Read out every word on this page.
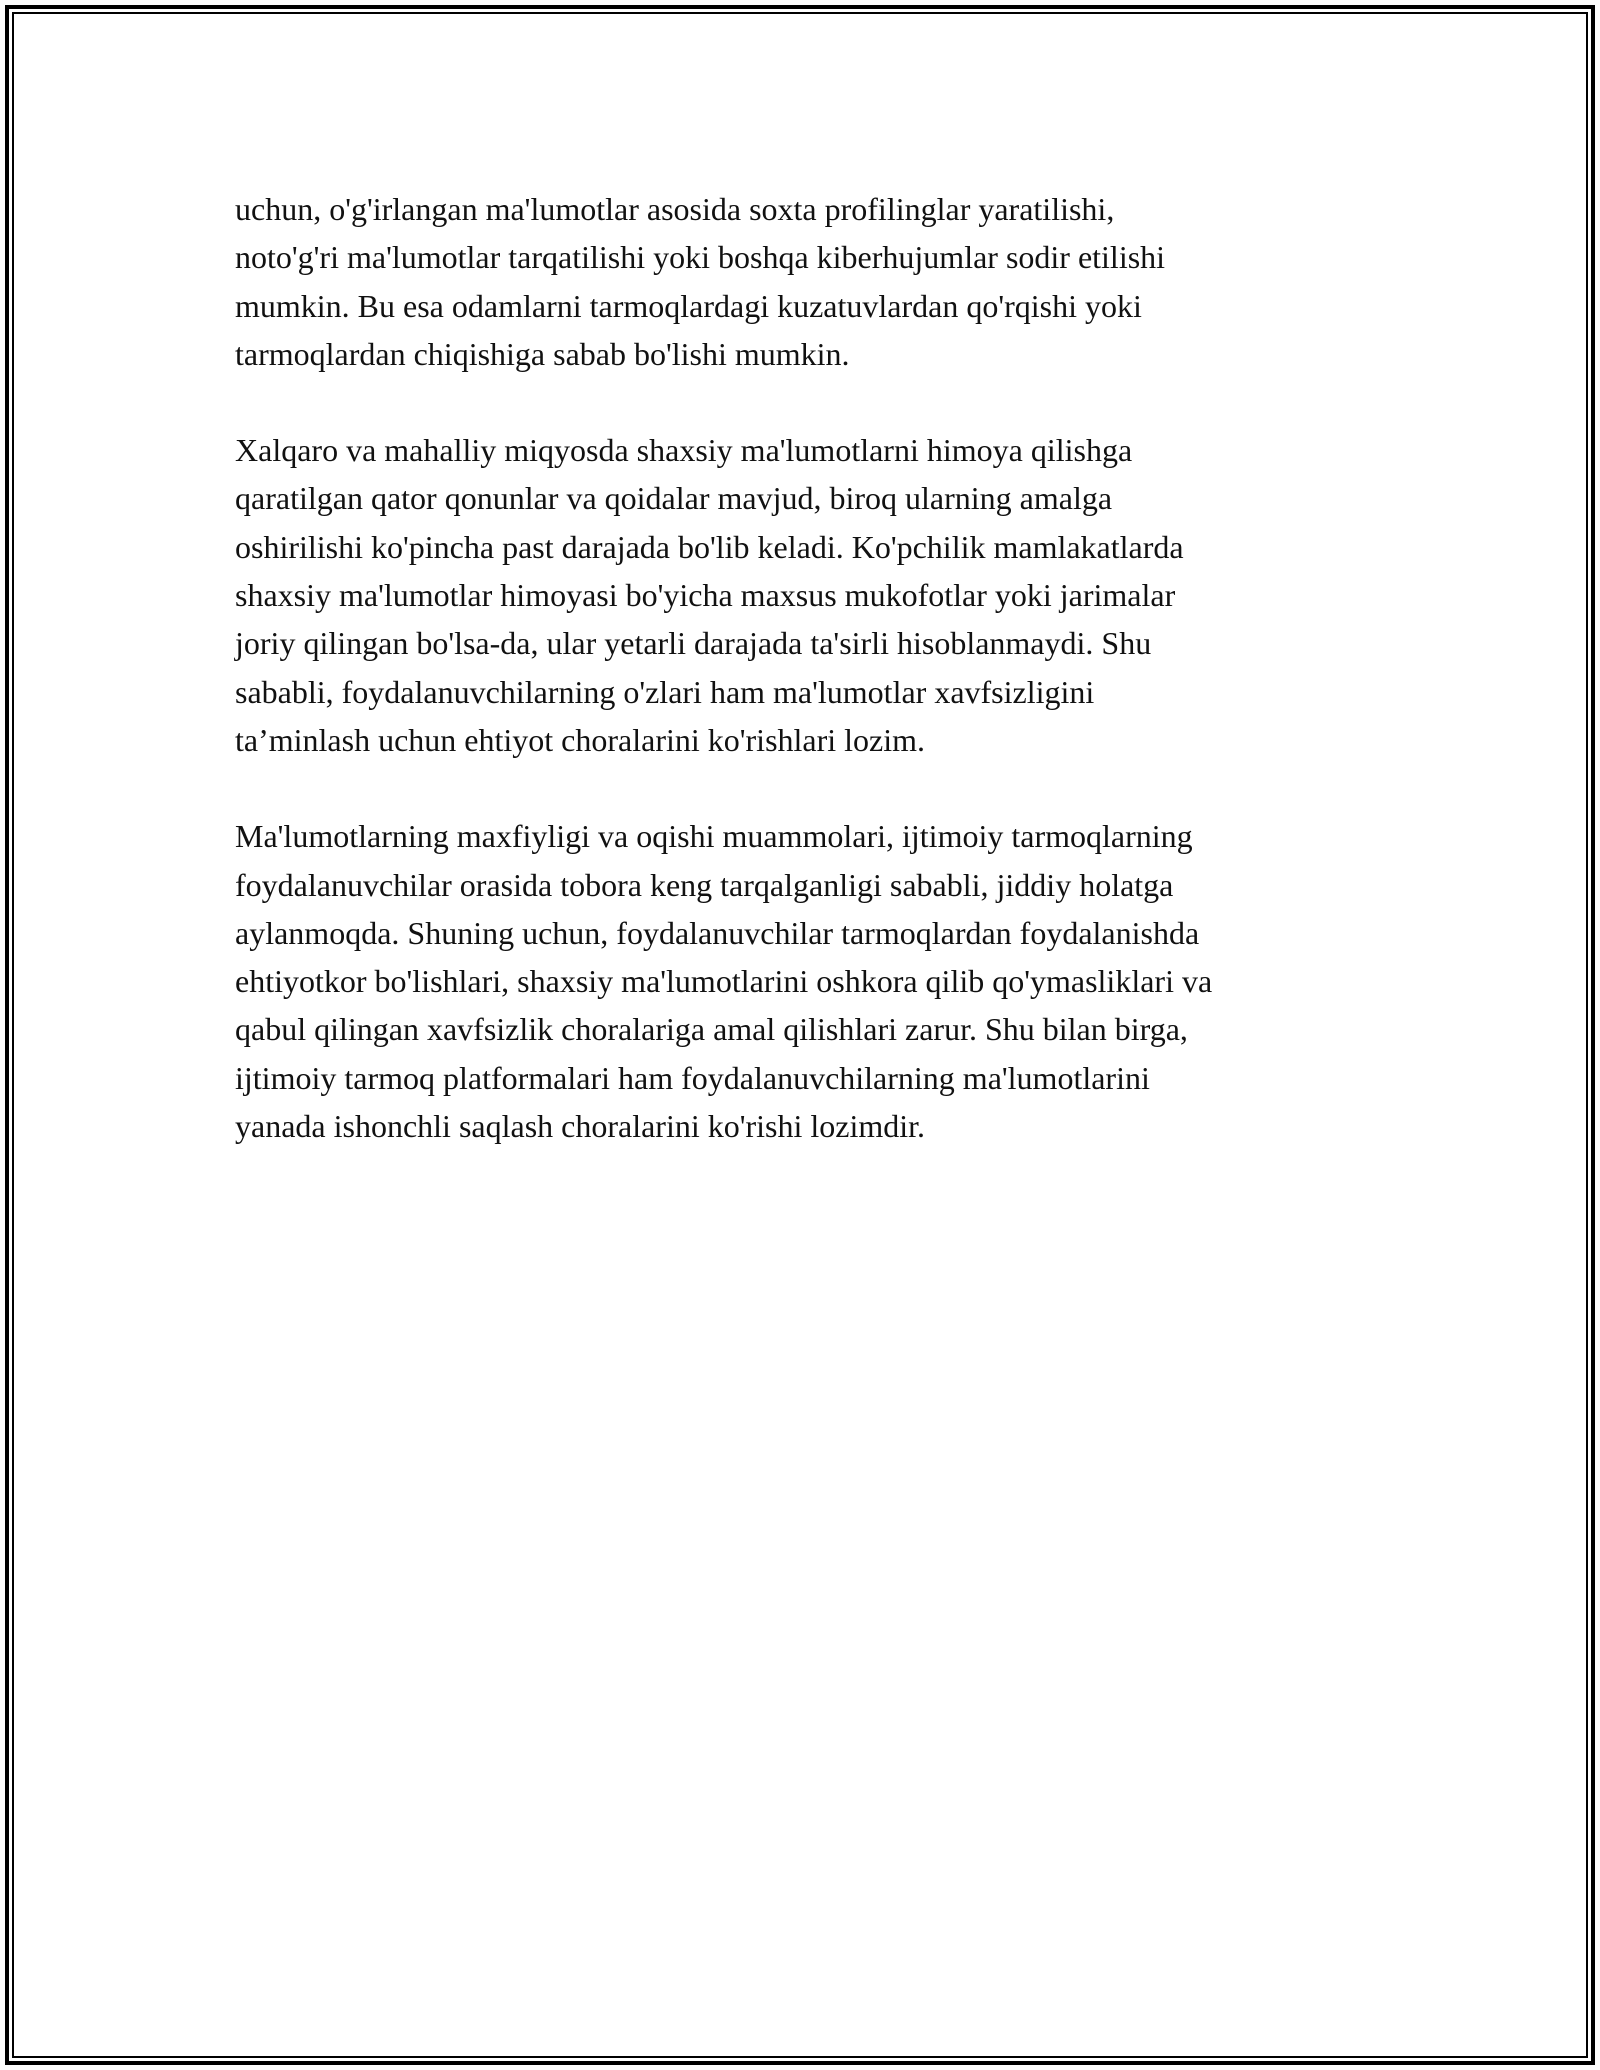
uchun, o'g'irlangan ma'lumotlar asosida soxta profilinglar yaratilishi,
noto'g'ri ma'lumotlar tarqatilishi yoki boshqa kiberhujumlar sodir etilishi
mumkin. Bu esa odamlarni tarmoqlardagi kuzatuvlardan qo'rqishi yoki
tarmoqlardan chiqishiga sabab bo'lishi mumkin.

Xalqaro va mahalliy miqyosda shaxsiy ma'lumotlarni himoya qilishga
qaratilgan qator qonunlar va qoidalar mavjud, biroq ularning amalga
oshirilishi ko'pincha past darajada bo'lib keladi. Ko'pchilik mamlakatlarda
shaxsiy ma'lumotlar himoyasi bo'yicha maxsus mukofotlar yoki jarimalar
joriy qilingan bo'lsa-da, ular yetarli darajada ta'sirli hisoblanmaydi. Shu
sababli, foydalanuvchilarning o'zlari ham ma'lumotlar xavfsizligini
ta’minlash uchun ehtiyot choralarini ko'rishlari lozim.

Ma'lumotlarning maxfiyligi va oqishi muammolari, ijtimoiy tarmoqlarning
foydalanuvchilar orasida tobora keng tarqalganligi sababli, jiddiy holatga
aylanmoqda. Shuning uchun, foydalanuvchilar tarmoqlardan foydalanishda
ehtiyotkor bo'lishlari, shaxsiy ma'lumotlarini oshkora qilib qo'ymasliklari va
qabul qilingan xavfsizlik choralariga amal qilishlari zarur. Shu bilan birga,
ijtimoiy tarmoq platformalari ham foydalanuvchilarning ma'lumotlarini
yanada ishonchli saqlash choralarini ko'rishi lozimdir.
